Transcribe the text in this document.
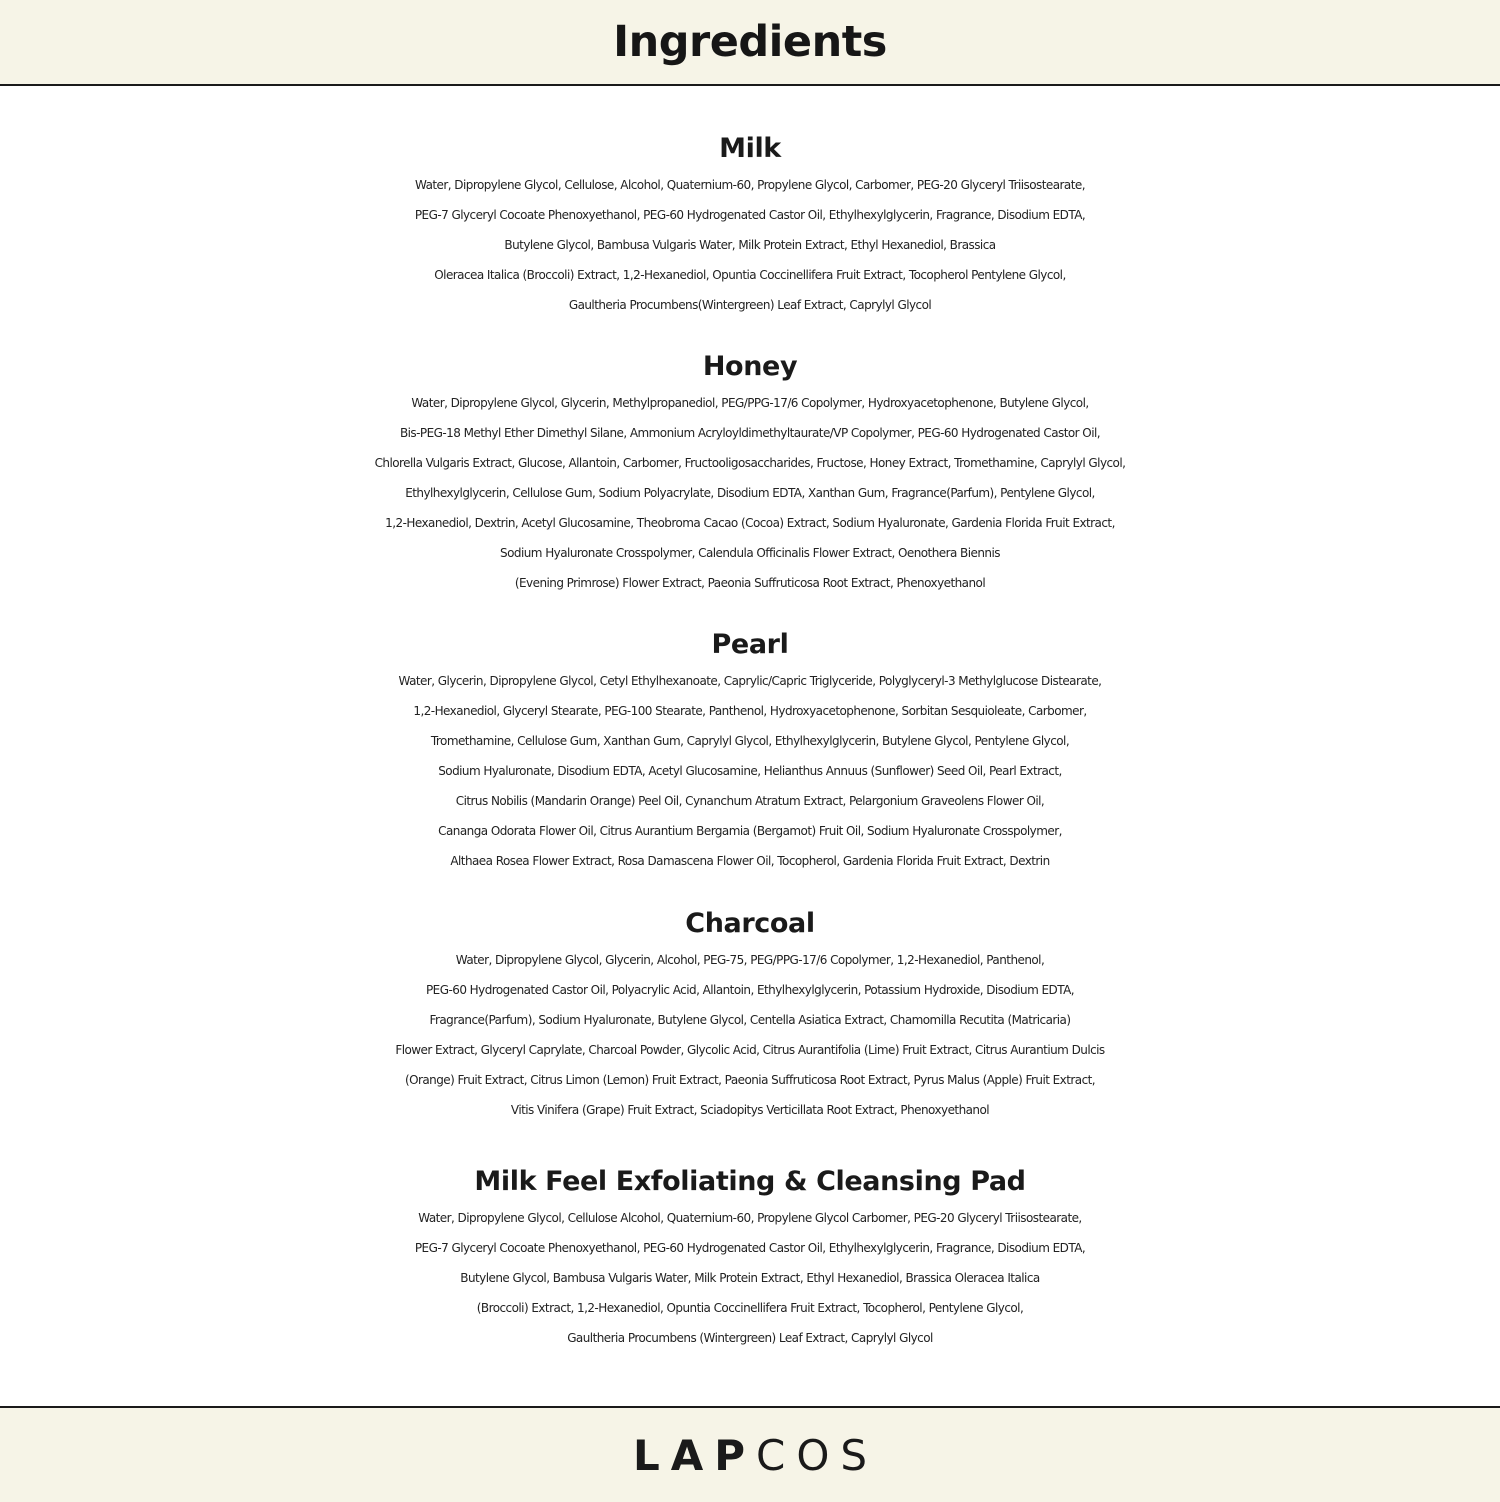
Ingredients
Milk
Water, Dipropylene Glycol, Cellulose, Alcohol, Quaternium-60, Propylene Glycol, Carbomer, PEG-20 Glyceryl Triisostearate,
PEG-7 Glyceryl Cocoate Phenoxyethanol, PEG-60 Hydrogenated Castor Oil, Ethylhexylglycerin, Fragrance, Disodium EDTA,
Butylene Glycol, Bambusa Vulgaris Water, Milk Protein Extract, Ethyl Hexanediol, Brassica
Oleracea Italica (Broccoli) Extract, 1,2-Hexanediol, Opuntia Coccinellifera Fruit Extract, Tocopherol Pentylene Glycol,
Gaultheria Procumbens(Wintergreen) Leaf Extract, Caprylyl Glycol
Honey
Water, Dipropylene Glycol, Glycerin, Methylpropanediol, PEG/PPG-17/6 Copolymer, Hydroxyacetophenone, Butylene Glycol,
Bis-PEG-18 Methyl Ether Dimethyl Silane, Ammonium Acryloyldimethyltaurate/VP Copolymer, PEG-60 Hydrogenated Castor Oil,
Chlorella Vulgaris Extract, Glucose, Allantoin, Carbomer, Fructooligosaccharides, Fructose, Honey Extract, Tromethamine, Caprylyl Glycol,
Ethylhexylglycerin, Cellulose Gum, Sodium Polyacrylate, Disodium EDTA, Xanthan Gum, Fragrance(Parfum), Pentylene Glycol,
1,2-Hexanediol, Dextrin, Acetyl Glucosamine, Theobroma Cacao (Cocoa) Extract, Sodium Hyaluronate, Gardenia Florida Fruit Extract,
Sodium Hyaluronate Crosspolymer, Calendula Officinalis Flower Extract, Oenothera Biennis
(Evening Primrose) Flower Extract, Paeonia Suffruticosa Root Extract, Phenoxyethanol
Pearl
Water, Glycerin, Dipropylene Glycol, Cetyl Ethylhexanoate, Caprylic/Capric Triglyceride, Polyglyceryl-3 Methylglucose Distearate,
1,2-Hexanediol, Glyceryl Stearate, PEG-100 Stearate, Panthenol, Hydroxyacetophenone, Sorbitan Sesquioleate, Carbomer,
Tromethamine, Cellulose Gum, Xanthan Gum, Caprylyl Glycol, Ethylhexylglycerin, Butylene Glycol, Pentylene Glycol,
Sodium Hyaluronate, Disodium EDTA, Acetyl Glucosamine, Helianthus Annuus (Sunflower) Seed Oil, Pearl Extract,
Citrus Nobilis (Mandarin Orange) Peel Oil, Cynanchum Atratum Extract, Pelargonium Graveolens Flower Oil,
Cananga Odorata Flower Oil, Citrus Aurantium Bergamia (Bergamot) Fruit Oil, Sodium Hyaluronate Crosspolymer,
Althaea Rosea Flower Extract, Rosa Damascena Flower Oil, Tocopherol, Gardenia Florida Fruit Extract, Dextrin
Charcoal
Water, Dipropylene Glycol, Glycerin, Alcohol, PEG-75, PEG/PPG-17/6 Copolymer, 1,2-Hexanediol, Panthenol,
PEG-60 Hydrogenated Castor Oil, Polyacrylic Acid, Allantoin, Ethylhexylglycerin, Potassium Hydroxide, Disodium EDTA,
Fragrance(Parfum), Sodium Hyaluronate, Butylene Glycol, Centella Asiatica Extract, Chamomilla Recutita (Matricaria)
Flower Extract, Glyceryl Caprylate, Charcoal Powder, Glycolic Acid, Citrus Aurantifolia (Lime) Fruit Extract, Citrus Aurantium Dulcis
(Orange) Fruit Extract, Citrus Limon (Lemon) Fruit Extract, Paeonia Suffruticosa Root Extract, Pyrus Malus (Apple) Fruit Extract,
Vitis Vinifera (Grape) Fruit Extract, Sciadopitys Verticillata Root Extract, Phenoxyethanol
Milk Feel Exfoliating & Cleansing Pad
Water, Dipropylene Glycol, Cellulose Alcohol, Quaternium-60, Propylene Glycol Carbomer, PEG-20 Glyceryl Triisostearate,
PEG-7 Glyceryl Cocoate Phenoxyethanol, PEG-60 Hydrogenated Castor Oil, Ethylhexylglycerin, Fragrance, Disodium EDTA,
Butylene Glycol, Bambusa Vulgaris Water, Milk Protein Extract, Ethyl Hexanediol, Brassica Oleracea Italica
(Broccoli) Extract, 1,2-Hexanediol, Opuntia Coccinellifera Fruit Extract, Tocopherol, Pentylene Glycol,
Gaultheria Procumbens (Wintergreen) Leaf Extract, Caprylyl Glycol
LAPCOS
